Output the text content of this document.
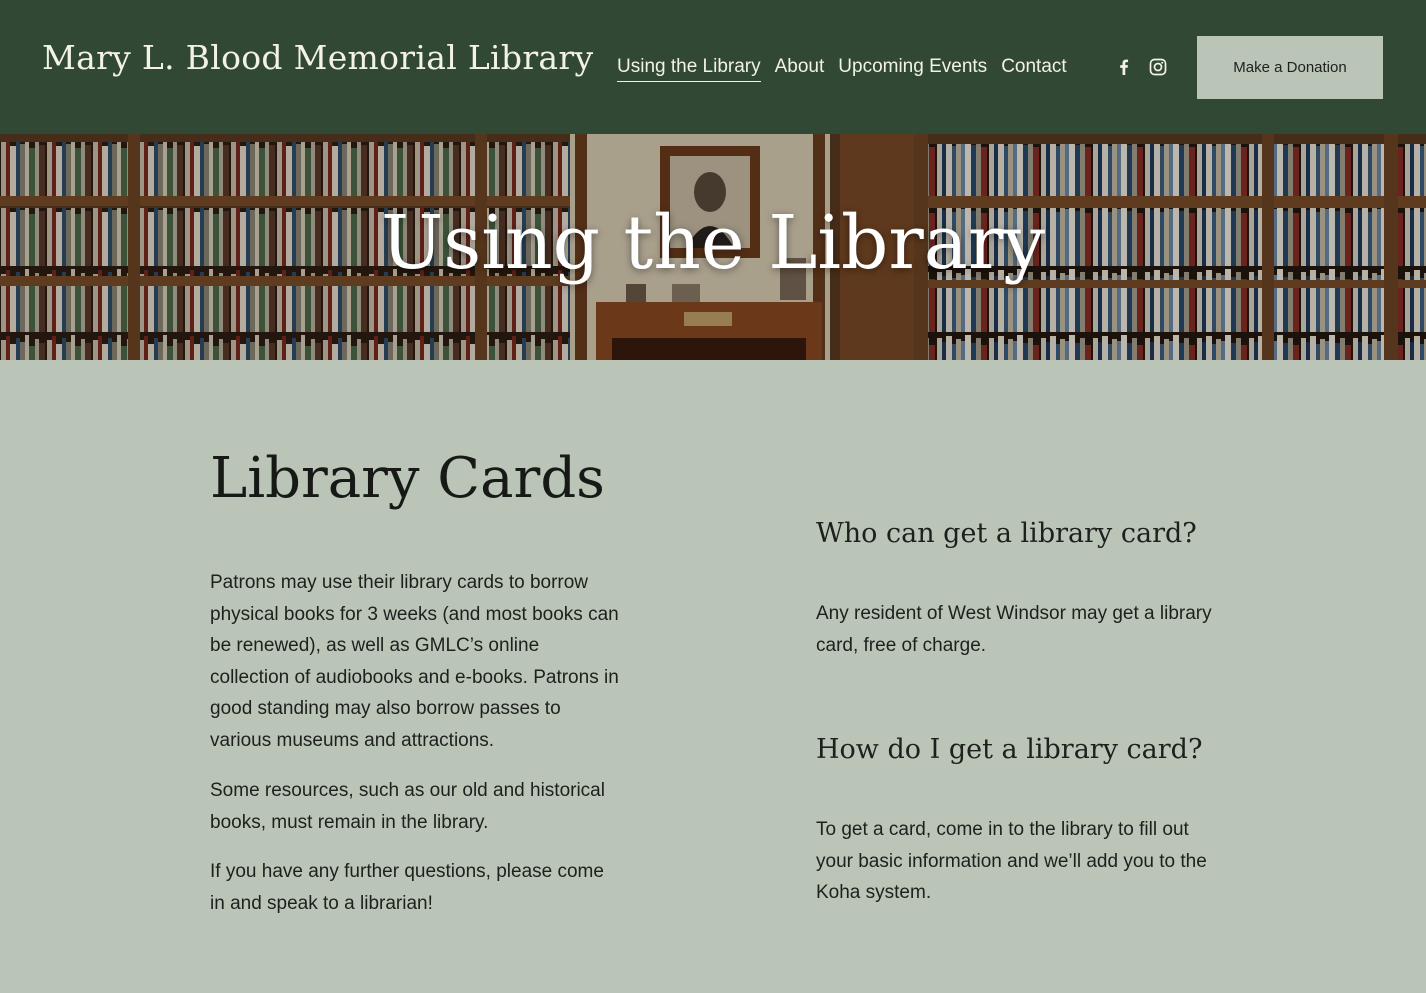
Mary L. Blood Memorial Library Using the Library About Upcoming Events Contact	Make a Donation
Using the Library
Library Cards

Patrons may use their library cards to borrow physical books for 3 weeks (and most books can be renewed), as well as GMLC’s online collection of audiobooks and e-books. Patrons in good standing may also borrow passes to various museums and attractions.

Some resources, such as our old and historical books, must remain in the library.

If you have any further questions, please come in and speak to a librarian!

Who can get a library card?

Any resident of West Windsor may get a library card, free of charge.

How do I get a library card?

To get a card, come in to the library to fill out your basic information and we’ll add you to the Koha system.
